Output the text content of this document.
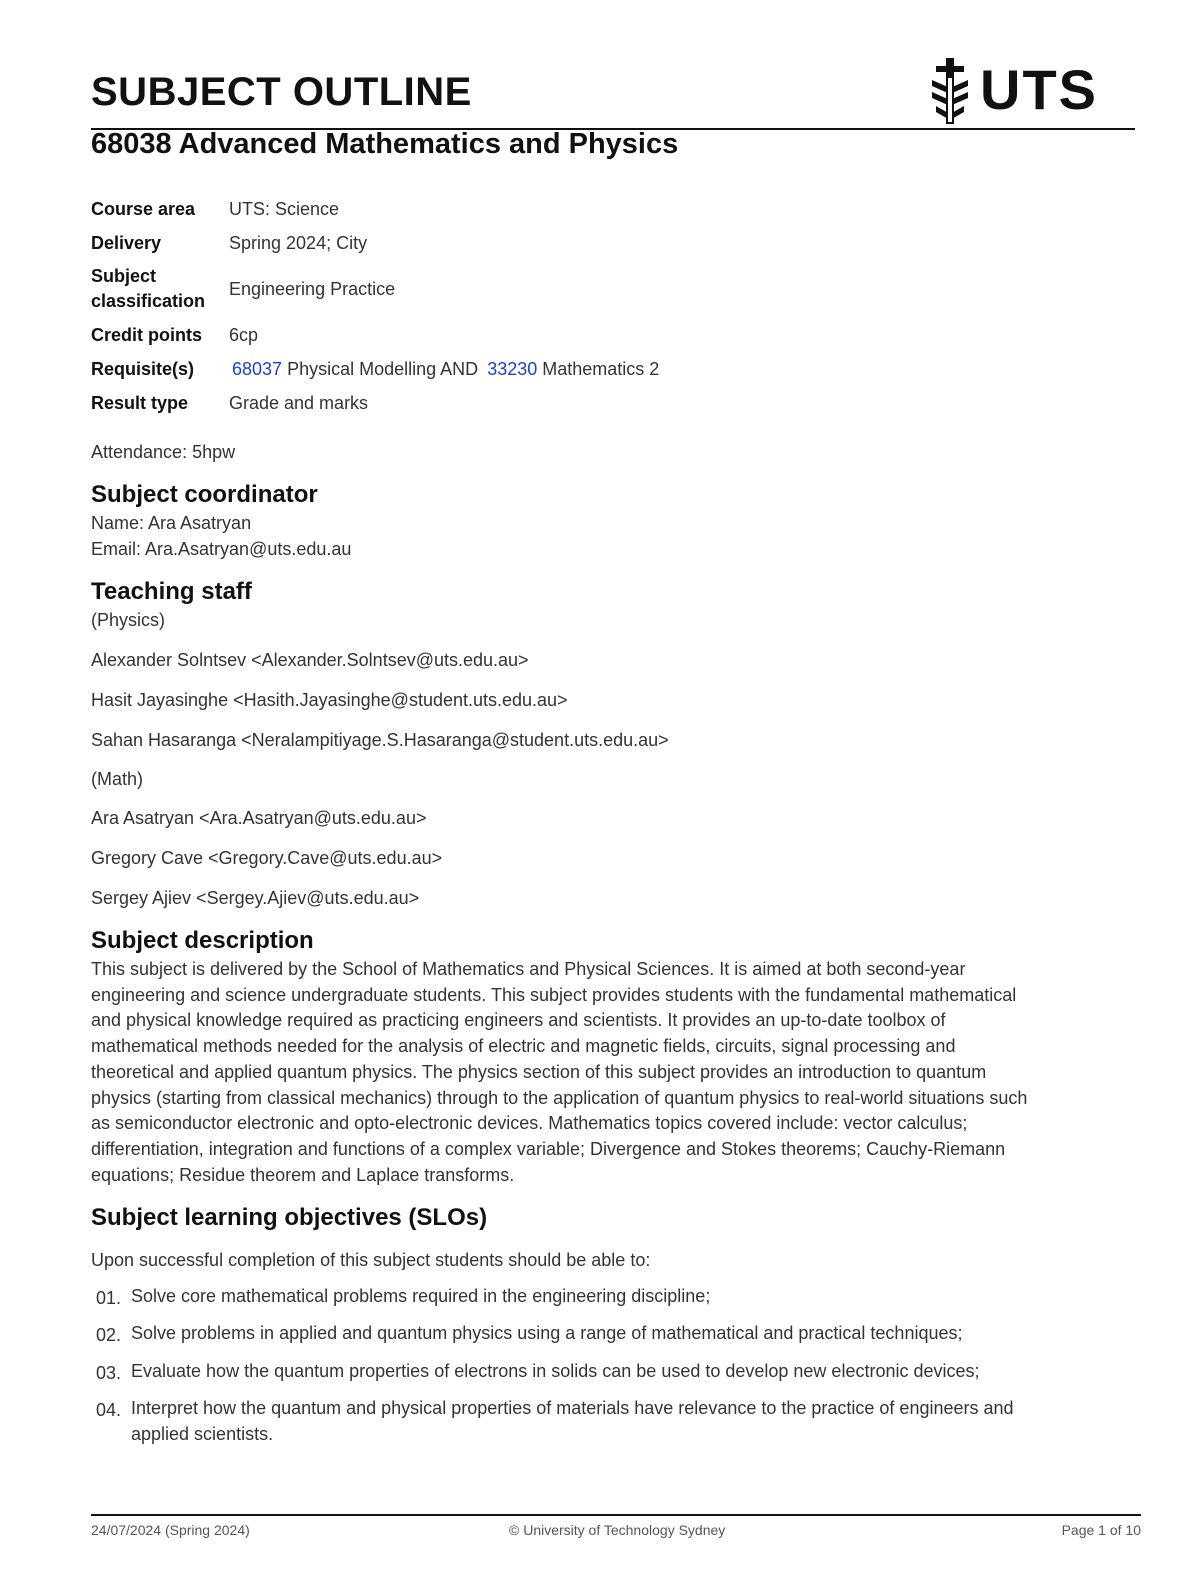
SUBJECT OUTLINE	UTS
68038 Advanced Mathematics and Physics
Course area	UTS: Science
Delivery	Spring 2024; City

Subject
classification	Engineering Practice
Credit points	6cp
Requisite(s)	68037 Physical Modelling AND 33230 Mathematics 2
Result type	Grade and marks
Attendance: 5hpw
Subject coordinator
Name: Ara Asatryan
Email: Ara.Asatryan@uts.edu.au
Teaching staff
(Physics)
Alexander Solntsev <Alexander.Solntsev@uts.edu.au>
Hasit Jayasinghe <Hasith.Jayasinghe@student.uts.edu.au>
Sahan Hasaranga <Neralampitiyage.S.Hasaranga@student.uts.edu.au>
(Math)
Ara Asatryan <Ara.Asatryan@uts.edu.au>
Gregory Cave <Gregory.Cave@uts.edu.au>
Sergey Ajiev <Sergey.Ajiev@uts.edu.au>
Subject description
This subject is delivered by the School of Mathematics and Physical Sciences. It is aimed at both second-year
engineering and science undergraduate students. This subject provides students with the fundamental mathematical
and physical knowledge required as practicing engineers and scientists. It provides an up-to-date toolbox of
mathematical methods needed for the analysis of electric and magnetic fields, circuits, signal processing and
theoretical and applied quantum physics. The physics section of this subject provides an introduction to quantum
physics (starting from classical mechanics) through to the application of quantum physics to real-world situations such
as semiconductor electronic and opto-electronic devices. Mathematics topics covered include: vector calculus;
differentiation, integration and functions of a complex variable; Divergence and Stokes theorems; Cauchy-Riemann
equations; Residue theorem and Laplace transforms.
Subject learning objectives (SLOs)
Upon successful completion of this subject students should be able to:
01. Solve core mathematical problems required in the engineering discipline;
02. Solve problems in applied and quantum physics using a range of mathematical and practical techniques;
03. Evaluate how the quantum properties of electrons in solids can be used to develop new electronic devices;
04. Interpret how the quantum and physical properties of materials have relevance to the practice of engineers and
applied scientists.
24/07/2024 (Spring 2024)	© University of Technology Sydney	Page 1 of 10
